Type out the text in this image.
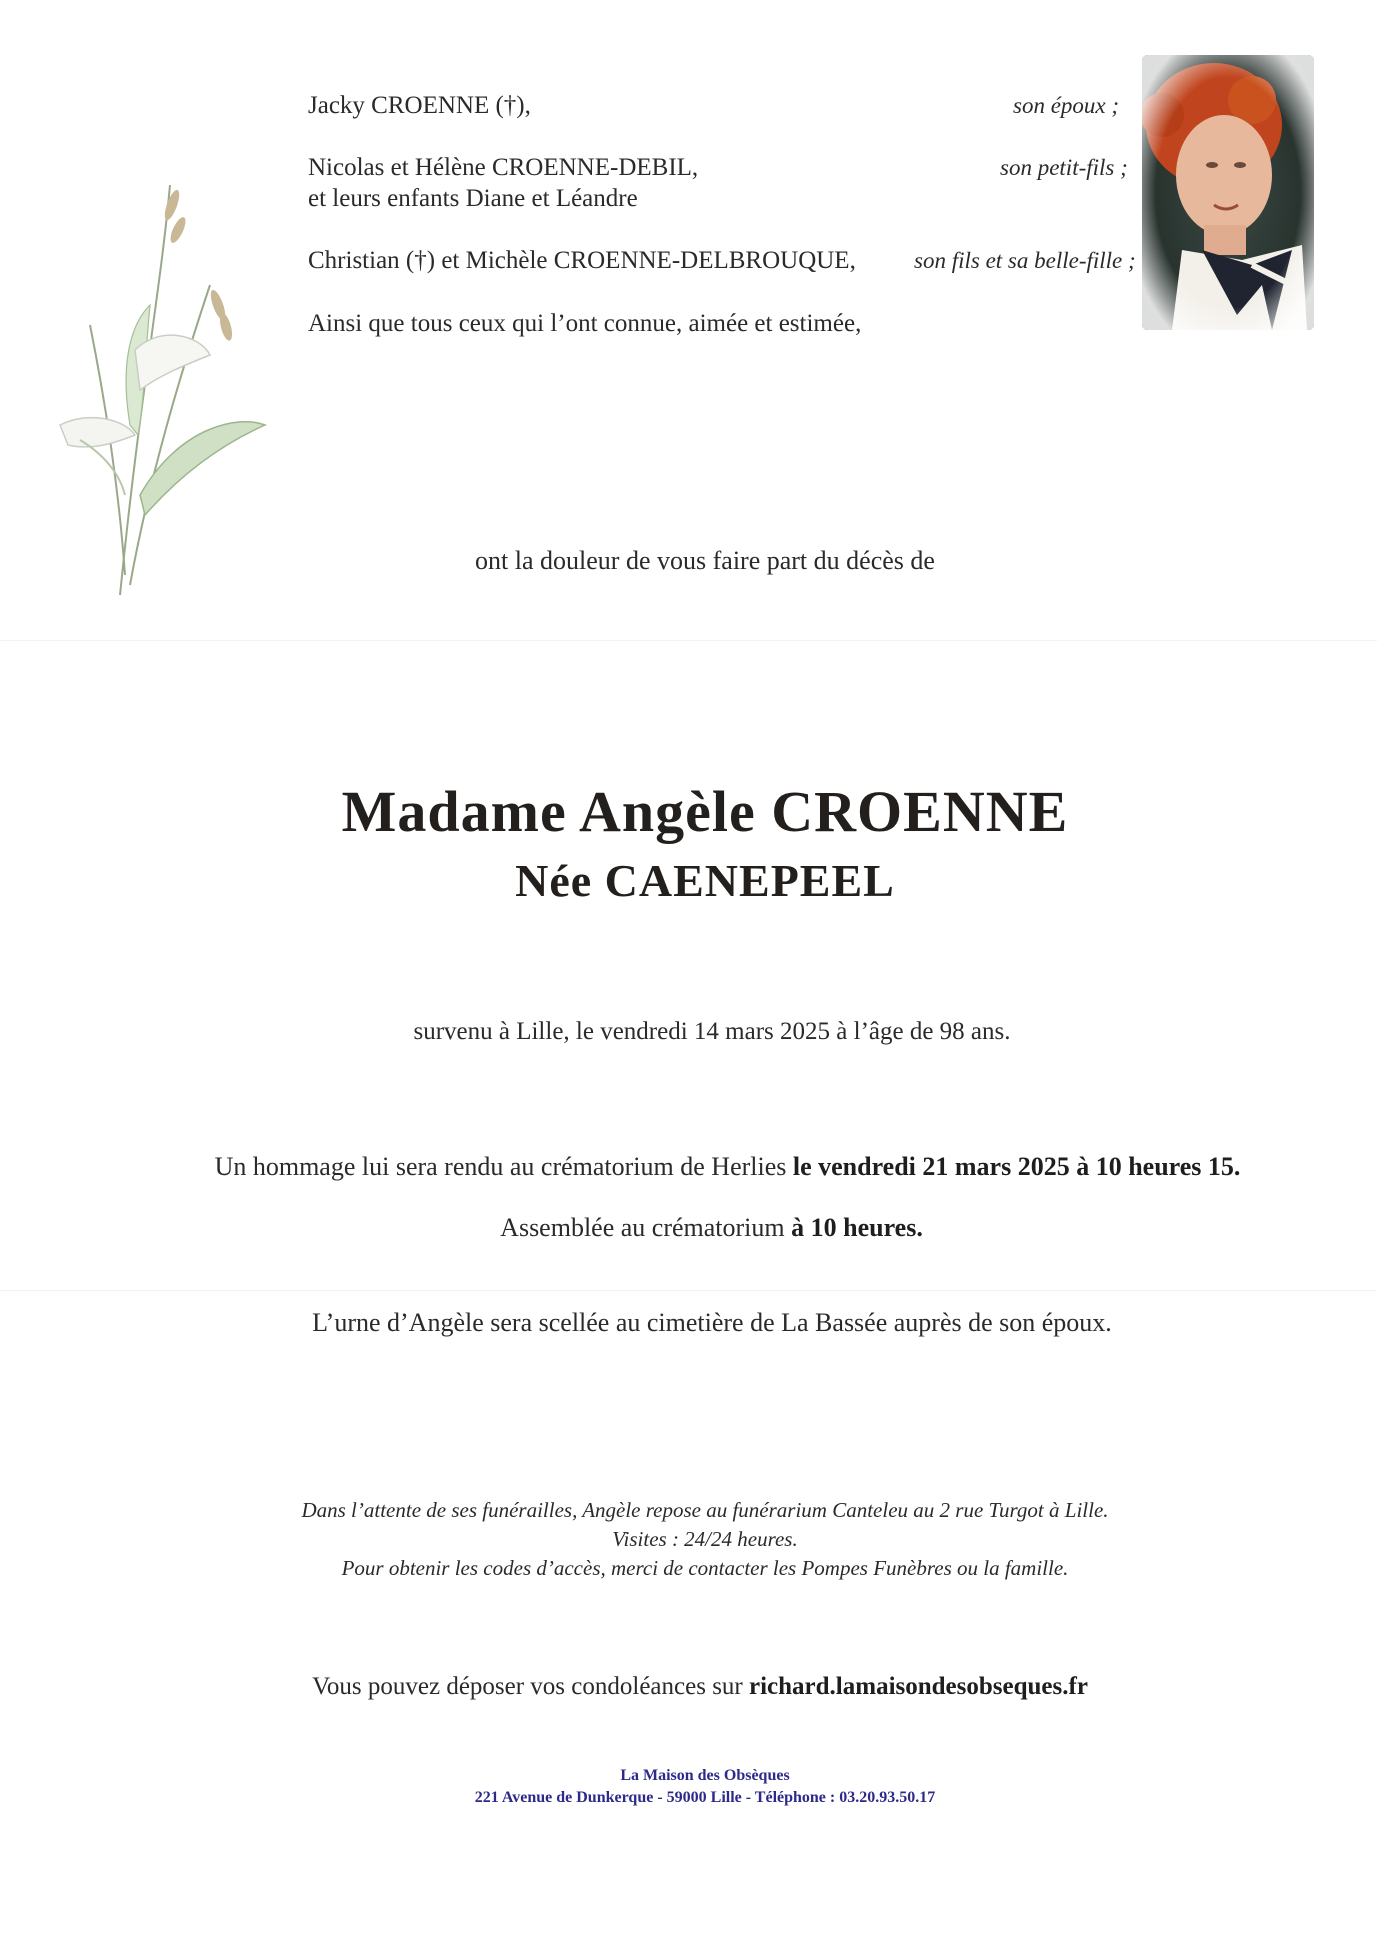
Jacky CROENNE (†),	son époux ;
Nicolas et Hélène CROENNE-DEBIL,	son petit-fils ;
et leurs enfants Diane et Léandre
Christian (†) et Michèle CROENNE-DELBROUQUE,	son fils et sa belle-fille ;
Ainsi que tous ceux qui l’ont connue, aimée et estimée,
ont la douleur de vous faire part du décès de
Madame Angèle CROENNE
Née CAENEPEEL
survenu à Lille, le vendredi 14 mars 2025 à l’âge de 98 ans.
Un hommage lui sera rendu au crématorium de Herlies le vendredi 21 mars 2025 à 10 heures 15.
Assemblée au crématorium à 10 heures.
L’urne d’Angèle sera scellée au cimetière de La Bassée auprès de son époux.
Dans l’attente de ses funérailles, Angèle repose au funérarium Canteleu au 2 rue Turgot à Lille.
Visites : 24/24 heures.
Pour obtenir les codes d’accès, merci de contacter les Pompes Funèbres ou la famille.
Vous pouvez déposer vos condoléances sur richard.lamaisondesobseques.fr
La Maison des Obsèques
221 Avenue de Dunkerque - 59000 Lille - Téléphone : 03.20.93.50.17
